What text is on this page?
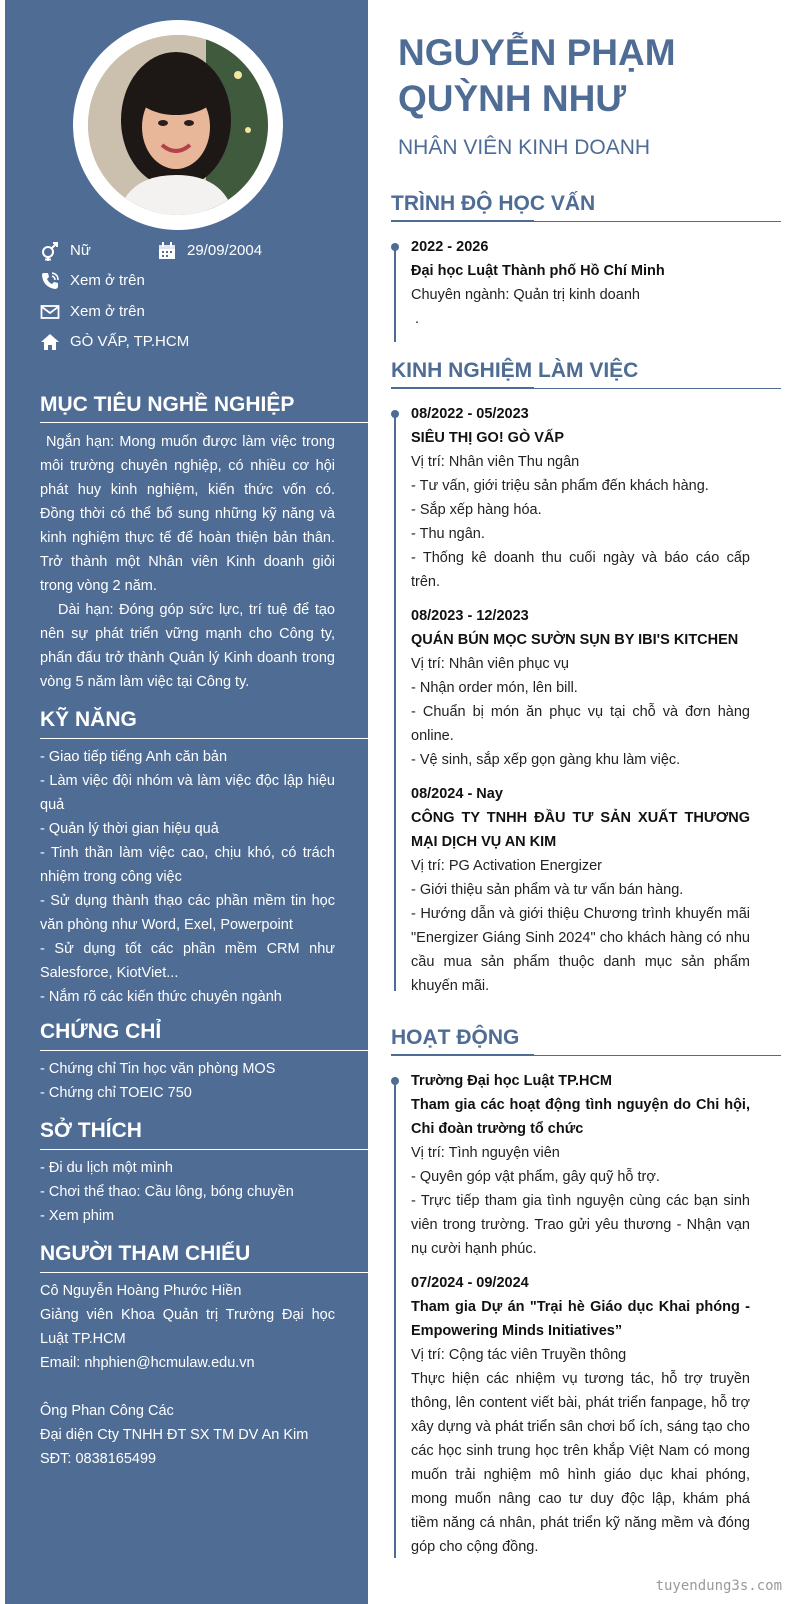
Nữ	29/09/2004
Xem ở trên
Xem ở trên
GÒ VẤP, TP.HCM
MỤC TIÊU NGHỀ NGHIỆP

Ngắn hạn: Mong muốn được làm việc trong môi trường chuyên nghiệp, có nhiều cơ hội phát huy kinh nghiệm, kiến thức vốn có. Đồng thời có thể bổ sung những kỹ năng và kinh nghiệm thực tế để hoàn thiện bản thân. Trở thành một Nhân viên Kinh doanh giỏi trong vòng 2 năm.

Dài hạn: Đóng góp sức lực, trí tuệ để tạo nên sự phát triển vững mạnh cho Công ty, phấn đấu trở thành Quản lý Kinh doanh trong vòng 5 năm làm việc tại Công ty.

KỸ NĂNG

- Giao tiếp tiếng Anh căn bản

- Làm việc đội nhóm và làm việc độc lập hiệu quả

- Quản lý thời gian hiệu quả

- Tinh thần làm việc cao, chịu khó, có trách nhiệm trong công việc

- Sử dụng thành thạo các phần mềm tin học văn phòng như Word, Exel, Powerpoint

- Sử dụng tốt các phần mềm CRM như Salesforce, KiotViet...

- Nắm rõ các kiến thức chuyên ngành

CHỨNG CHỈ

- Chứng chỉ Tin học văn phòng MOS

- Chứng chỉ TOEIC 750

SỞ THÍCH

- Đi du lịch một mình

- Chơi thể thao: Cầu lông, bóng chuyền

- Xem phim

NGƯỜI THAM CHIẾU

Cô Nguyễn Hoàng Phước Hiền

Giảng viên Khoa Quản trị Trường Đại học Luật TP.HCM

Email: nhphien@hcmulaw.edu.vn

Ông Phan Công Các

Đại diện Cty TNHH ĐT SX TM DV An Kim

SĐT: 0838165499

NGUYỄN PHẠM QUỲNH NHƯ
NHÂN VIÊN KINH DOANH
TRÌNH ĐỘ HỌC VẤN

2022 - 2026

Đại học Luật Thành phố Hồ Chí Minh

Chuyên ngành: Quản trị kinh doanh

.

KINH NGHIỆM LÀM VIỆC

08/2022 - 05/2023

SIÊU THỊ GO! GÒ VẤP

Vị trí: Nhân viên Thu ngân

- Tư vấn, giới triệu sản phẩm đến khách hàng.

- Sắp xếp hàng hóa.

- Thu ngân.

- Thống kê doanh thu cuối ngày và báo cáo cấp trên.

08/2023 - 12/2023

QUÁN BÚN MỌC SƯỜN SỤN BY IBI'S KITCHEN

Vị trí: Nhân viên phục vụ

- Nhận order món, lên bill.

- Chuẩn bị món ăn phục vụ tại chỗ và đơn hàng online.

- Vệ sinh, sắp xếp gọn gàng khu làm việc.

08/2024 - Nay

CÔNG TY TNHH ĐẦU TƯ SẢN XUẤT THƯƠNG MẠI DỊCH VỤ AN KIM

Vị trí: PG Activation Energizer

- Giới thiệu sản phẩm và tư vấn bán hàng.

- Hướng dẫn và giới thiệu Chương trình khuyến mãi "Energizer Giáng Sinh 2024" cho khách hàng có nhu cầu mua sản phẩm thuộc danh mục sản phẩm khuyến mãi.

HOẠT ĐỘNG

Trường Đại học Luật TP.HCM

Tham gia các hoạt động tình nguyện do Chi hội, Chi đoàn trường tổ chức

Vị trí: Tình nguyện viên

- Quyên góp vật phẩm, gây quỹ hỗ trợ.

- Trực tiếp tham gia tình nguyện cùng các bạn sinh viên trong trường. Trao gửi yêu thương - Nhận vạn nụ cười hạnh phúc.

07/2024 - 09/2024

Tham gia Dự án "Trại hè Giáo dục Khai phóng - Empowering Minds Initiatives”

Vị trí: Cộng tác viên Truyền thông

Thực hiện các nhiệm vụ tương tác, hỗ trợ truyền thông, lên content viết bài, phát triển fanpage, hỗ trợ xây dựng và phát triển sân chơi bổ ích, sáng tạo cho các học sinh trung học trên khắp Việt Nam có mong muốn trải nghiệm mô hình giáo dục khai phóng, mong muốn nâng cao tư duy độc lập, khám phá tiềm năng cá nhân, phát triển kỹ năng mềm và đóng góp cho cộng đồng.

tuyendung3s.com
